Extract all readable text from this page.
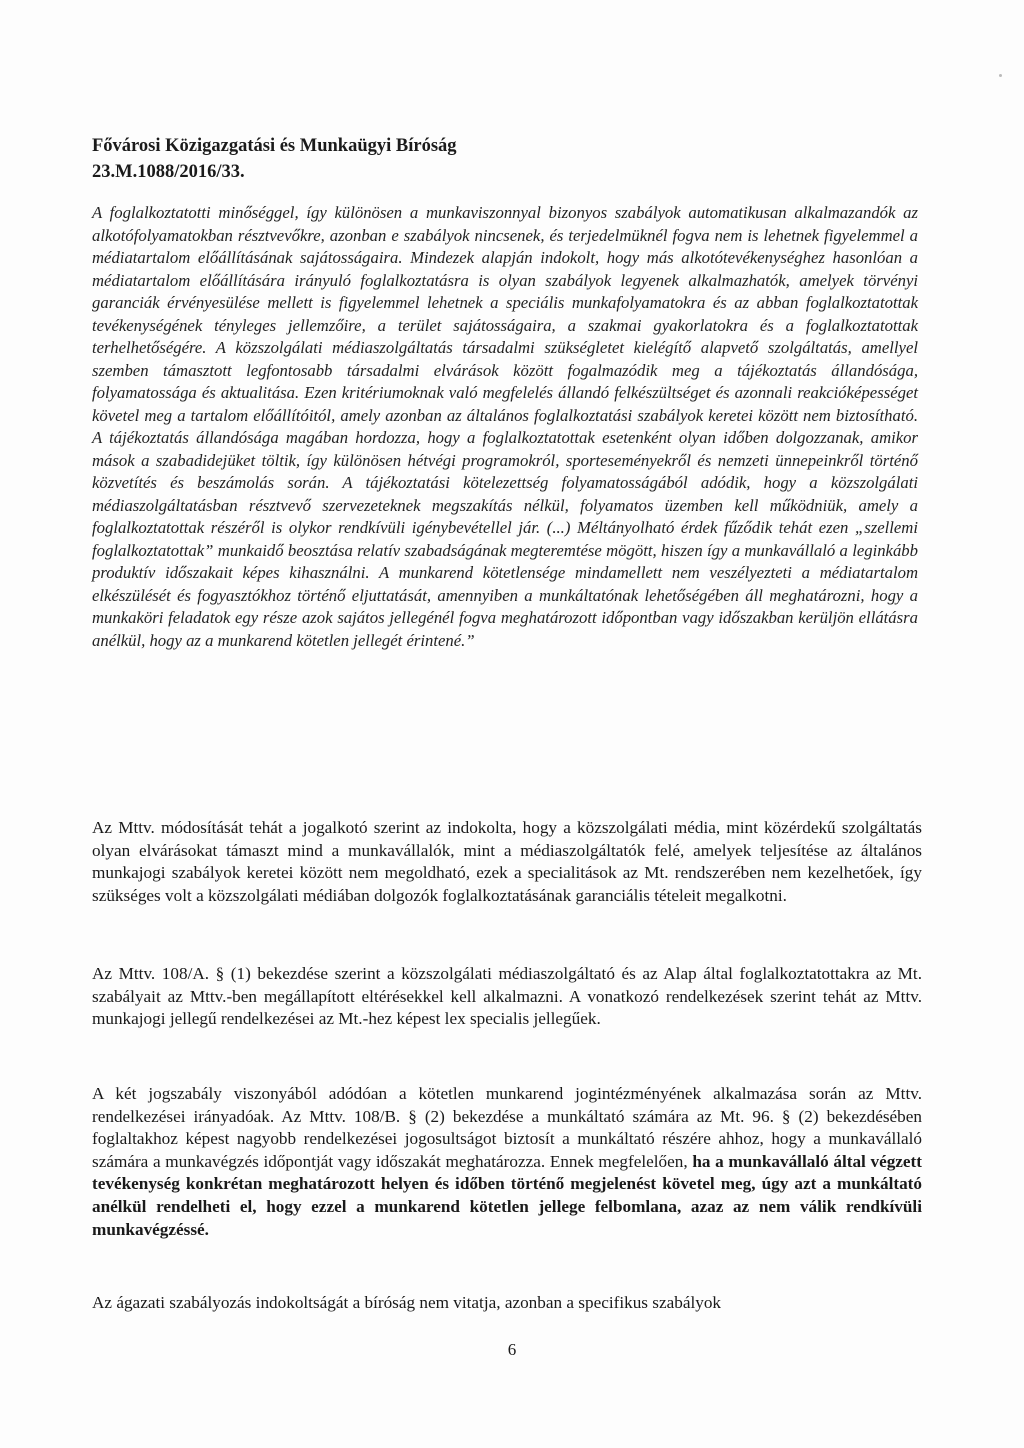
Fővárosi Közigazgatási és Munkaügyi Bíróság
23.M.1088/2016/33.

A foglalkoztatotti minőséggel, így különösen a munkaviszonnyal bizonyos szabályok automatikusan alkalmazandók az alkotófolyamatokban résztvevőkre, azonban e szabályok nincsenek, és terjedelmüknél fogva nem is lehetnek figyelemmel a médiatartalom előállításának sajátosságaira. Mindezek alapján indokolt, hogy más alkotótevékenységhez hasonlóan a médiatartalom előállítására irányuló foglalkoztatásra is olyan szabályok legyenek alkalmazhatók, amelyek törvényi garanciák érvényesülése mellett is figyelemmel lehetnek a speciális munkafolyamatokra és az abban foglalkoztatottak tevékenységének tényleges jellemzőire, a terület sajátosságaira, a szakmai gyakorlatokra és a foglalkoztatottak terhelhetőségére. A közszolgálati médiaszolgáltatás társadalmi szükségletet kielégítő alapvető szolgáltatás, amellyel szemben támasztott legfontosabb társadalmi elvárások között fogalmazódik meg a tájékoztatás állandósága, folyamatossága és aktualitása. Ezen kritériumoknak való megfelelés állandó felkészültséget és azonnali reakcióképességet követel meg a tartalom előállítóitól, amely azonban az általános foglalkoztatási szabályok keretei között nem biztosítható. A tájékoztatás állandósága magában hordozza, hogy a foglalkoztatottak esetenként olyan időben dolgozzanak, amikor mások a szabadidejüket töltik, így különösen hétvégi programokról, sporteseményekről és nemzeti ünnepeinkről történő közvetítés és beszámolás során. A tájékoztatási kötelezettség folyamatosságából adódik, hogy a közszolgálati médiaszolgáltatásban résztvevő szervezeteknek megszakítás nélkül, folyamatos üzemben kell működniük, amely a foglalkoztatottak részéről is olykor rendkívüli igénybevétellel jár. (...) Méltányolható érdek fűződik tehát ezen „szellemi foglalkoztatottak” munkaidő beosztása relatív szabadságának megteremtése mögött, hiszen így a munkavállaló a leginkább produktív időszakait képes kihasználni. A munkarend kötetlensége mindamellett nem veszélyezteti a médiatartalom elkészülését és fogyasztókhoz történő eljuttatását, amennyiben a munkáltatónak lehetőségében áll meghatározni, hogy a munkaköri feladatok egy része azok sajátos jellegénél fogva meghatározott időpontban vagy időszakban kerüljön ellátásra anélkül, hogy az a munkarend kötetlen jellegét érintené.”

Az Mttv. módosítását tehát a jogalkotó szerint az indokolta, hogy a közszolgálati média, mint közérdekű szolgáltatás olyan elvárásokat támaszt mind a munkavállalók, mint a médiaszolgáltatók felé, amelyek teljesítése az általános munkajogi szabályok keretei között nem megoldható, ezek a specialitások az Mt. rendszerében nem kezelhetőek, így szükséges volt a közszolgálati médiában dolgozók foglalkoztatásának garanciális tételeit megalkotni.

Az Mttv. 108/A. § (1) bekezdése szerint a közszolgálati médiaszolgáltató és az Alap által foglalkoztatottakra az Mt. szabályait az Mttv.-ben megállapított eltérésekkel kell alkalmazni. A vonatkozó rendelkezések szerint tehát az Mttv. munkajogi jellegű rendelkezései az Mt.-hez képest lex specialis jellegűek.

A két jogszabály viszonyából adódóan a kötetlen munkarend jogintézményének alkalmazása során az Mttv. rendelkezései irányadóak. Az Mttv. 108/B. § (2) bekezdése a munkáltató számára az Mt. 96. § (2) bekezdésében foglaltakhoz képest nagyobb rendelkezései jogosultságot biztosít a munkáltató részére ahhoz, hogy a munkavállaló számára a munkavégzés időpontját vagy időszakát meghatározza. Ennek megfelelően, ha a munkavállaló által végzett tevékenység konkrétan meghatározott helyen és időben történő megjelenést követel meg, úgy azt a munkáltató anélkül rendelheti el, hogy ezzel a munkarend kötetlen jellege felbomlana, azaz az nem válik rendkívüli munkavégzéssé.

Az ágazati szabályozás indokoltságát a bíróság nem vitatja, azonban a specifikus szabályok

6
